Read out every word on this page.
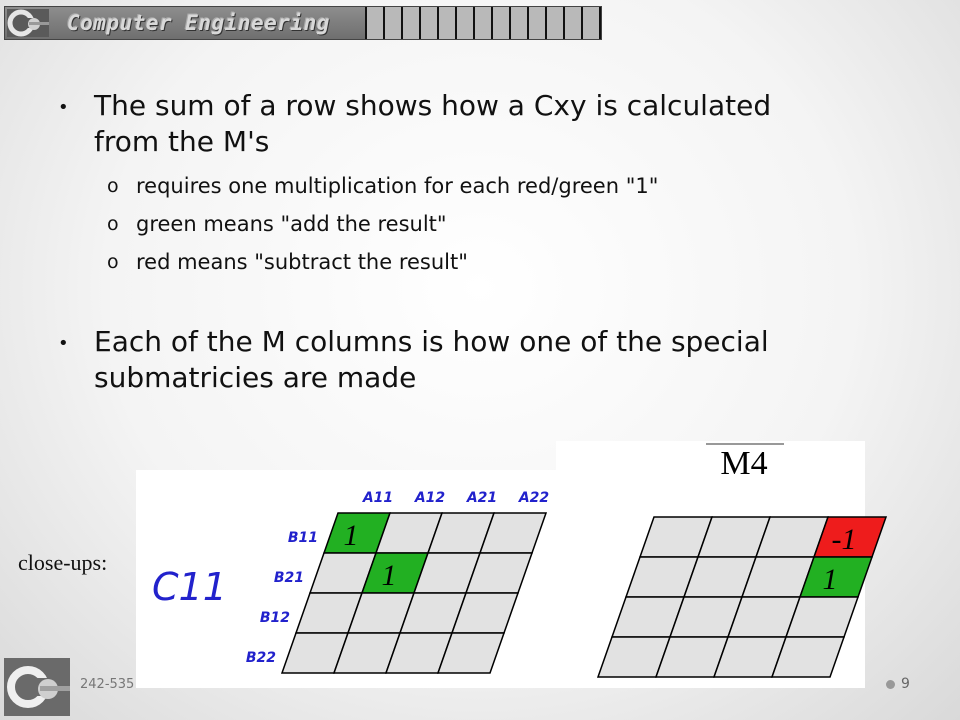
Computer Engineering
• The sum of a row shows how a Cxy is calculated
from the M's
o requires one multiplication for each red/green "1"
o green means "add the result"
o red means "subtract the result"
• Each of the M columns is how one of the special
submatricies are made
close-ups:
1
1
A11 A12 A21 A22
B11
B21
B12
B22
C11
-1
1
M4
242-535	9
